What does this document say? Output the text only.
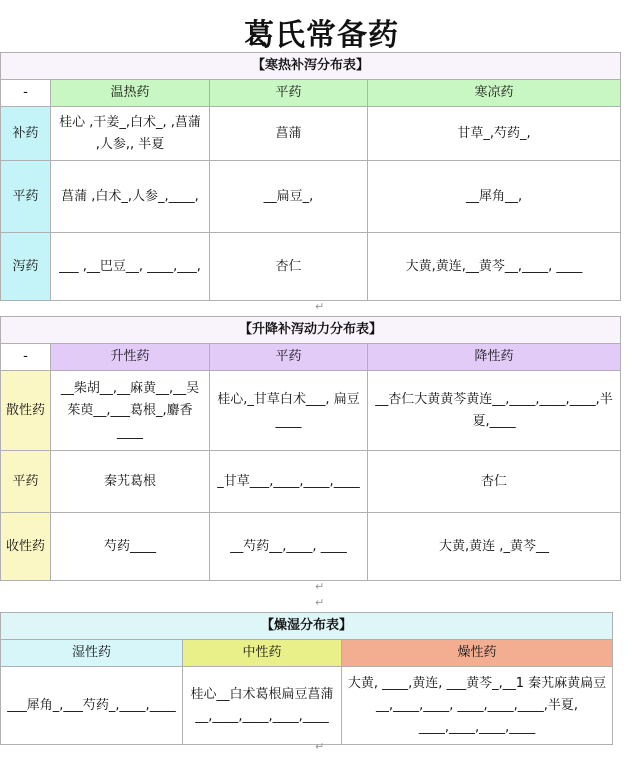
葛氏常备药
【寒热补泻分布表】			
-	温热药	平药	寒凉药
补药	桂心 ,干姜_,白术_, ,菖蒲 ,人参,, 半夏	菖蒲	甘草_,芍药_,
平药	菖蒲 ,白术_,人参_,____,	__扁豆_,	__犀角__,
泻药	___ ,__巴豆__, ____,___,	杏仁	大黄,黄连,__黄芩__,____, ____
↵
【升降补泻动力分布表】			
-	升性药	平药	降性药
散性药	__柴胡__,__麻黄__,__吴茱萸__,___葛根_,麝香____	桂心,_甘草白术___, 扁豆____	__杏仁大黄黄芩黄连__,____,____,____,半夏,____
平药	秦艽葛根	_甘草___,____,____,____	杏仁
收性药	芍药____	__芍药__,____, ____	大黄,黄连 ,_黄芩__
↵
↵
【燥湿分布表】		
湿性药	中性药	燥性药
___犀角_,___芍药_,____,____	桂心__白术葛根扁豆菖蒲__,____,____,____,____	大黄, ____,黄连, ___黄芩_,__1 秦艽麻黄扁豆__,____,____, ____,____,____,半夏, ____,____,____,____
↵
